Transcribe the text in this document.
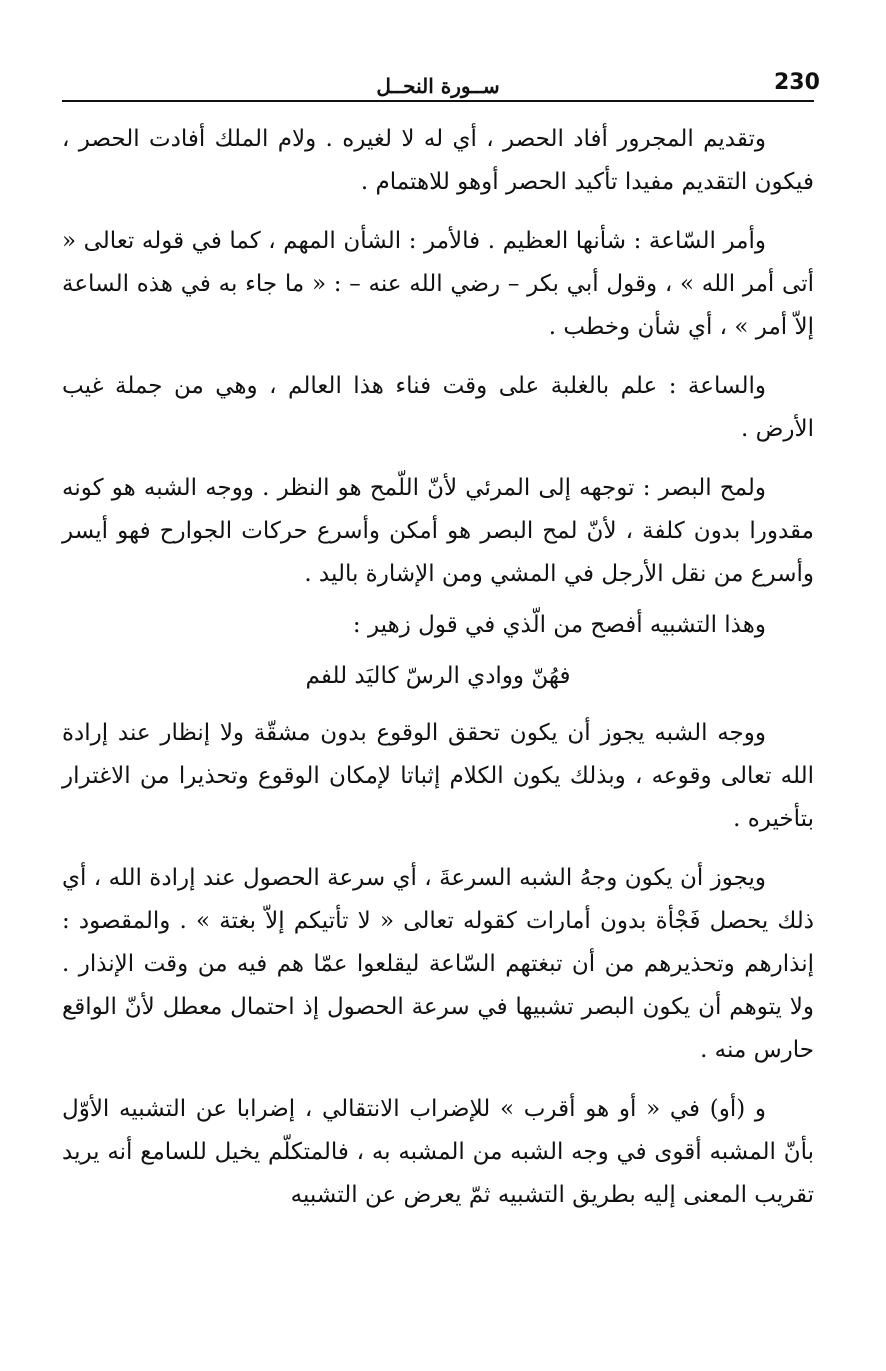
230
ســورة النحــل

وتقديم المجرور أفاد الحصر ، أي له لا لغيره . ولام الملك أفادت الحصر ، فيكون التقديم مفيدا تأكيد الحصر أوهو للاهتمام .

وأمر السّاعة : شأنها العظيم . فالأمر : الشأن المهم ، كما في قوله تعالى « أتى أمر الله » ، وقول أبي بكر – رضي الله عنه – : « ما جاء به في هذه الساعة إلاّ أمر » ، أي شأن وخطب .

والساعة : علم بالغلبة على وقت فناء هذا العالم ، وهي من جملة غيب الأرض .

ولمح البصر : توجهه إلى المرئي لأنّ اللّمح هو النظر . ووجه الشبه هو كونه مقدورا بدون كلفة ، لأنّ لمح البصر هو أمكن وأسرع حركات الجوارح فهو أيسر وأسرع من نقل الأرجل في المشي ومن الإشارة باليد .

وهذا التشبيه أفصح من الّذي في قول زهير :

فهُنّ ووادي الرسّ كاليَد للفم

ووجه الشبه يجوز أن يكون تحقق الوقوع بدون مشقّة ولا إنظار عند إرادة الله تعالى وقوعه ، وبذلك يكون الكلام إثباتا لإمكان الوقوع وتحذيرا من الاغترار بتأخيره .

ويجوز أن يكون وجهُ الشبه السرعةَ ، أي سرعة الحصول عند إرادة الله ، أي ذلك يحصل فَجْأة بدون أمارات كقوله تعالى « لا تأتيكم إلاّ بغتة » . والمقصود : إنذارهم وتحذيرهم من أن تبغتهم السّاعة ليقلعوا عمّا هم فيه من وقت الإنذار . ولا يتوهم أن يكون البصر تشبيها في سرعة الحصول إذ احتمال معطل لأنّ الواقع حارس منه .

و (أو) في « أو هو أقرب » للإضراب الانتقالي ، إضرابا عن التشبيه الأوّل بأنّ المشبه أقوى في وجه الشبه من المشبه به ، فالمتكلّم يخيل للسامع أنه يريد تقريب المعنى إليه بطريق التشبيه ثمّ يعرض عن التشبيه
